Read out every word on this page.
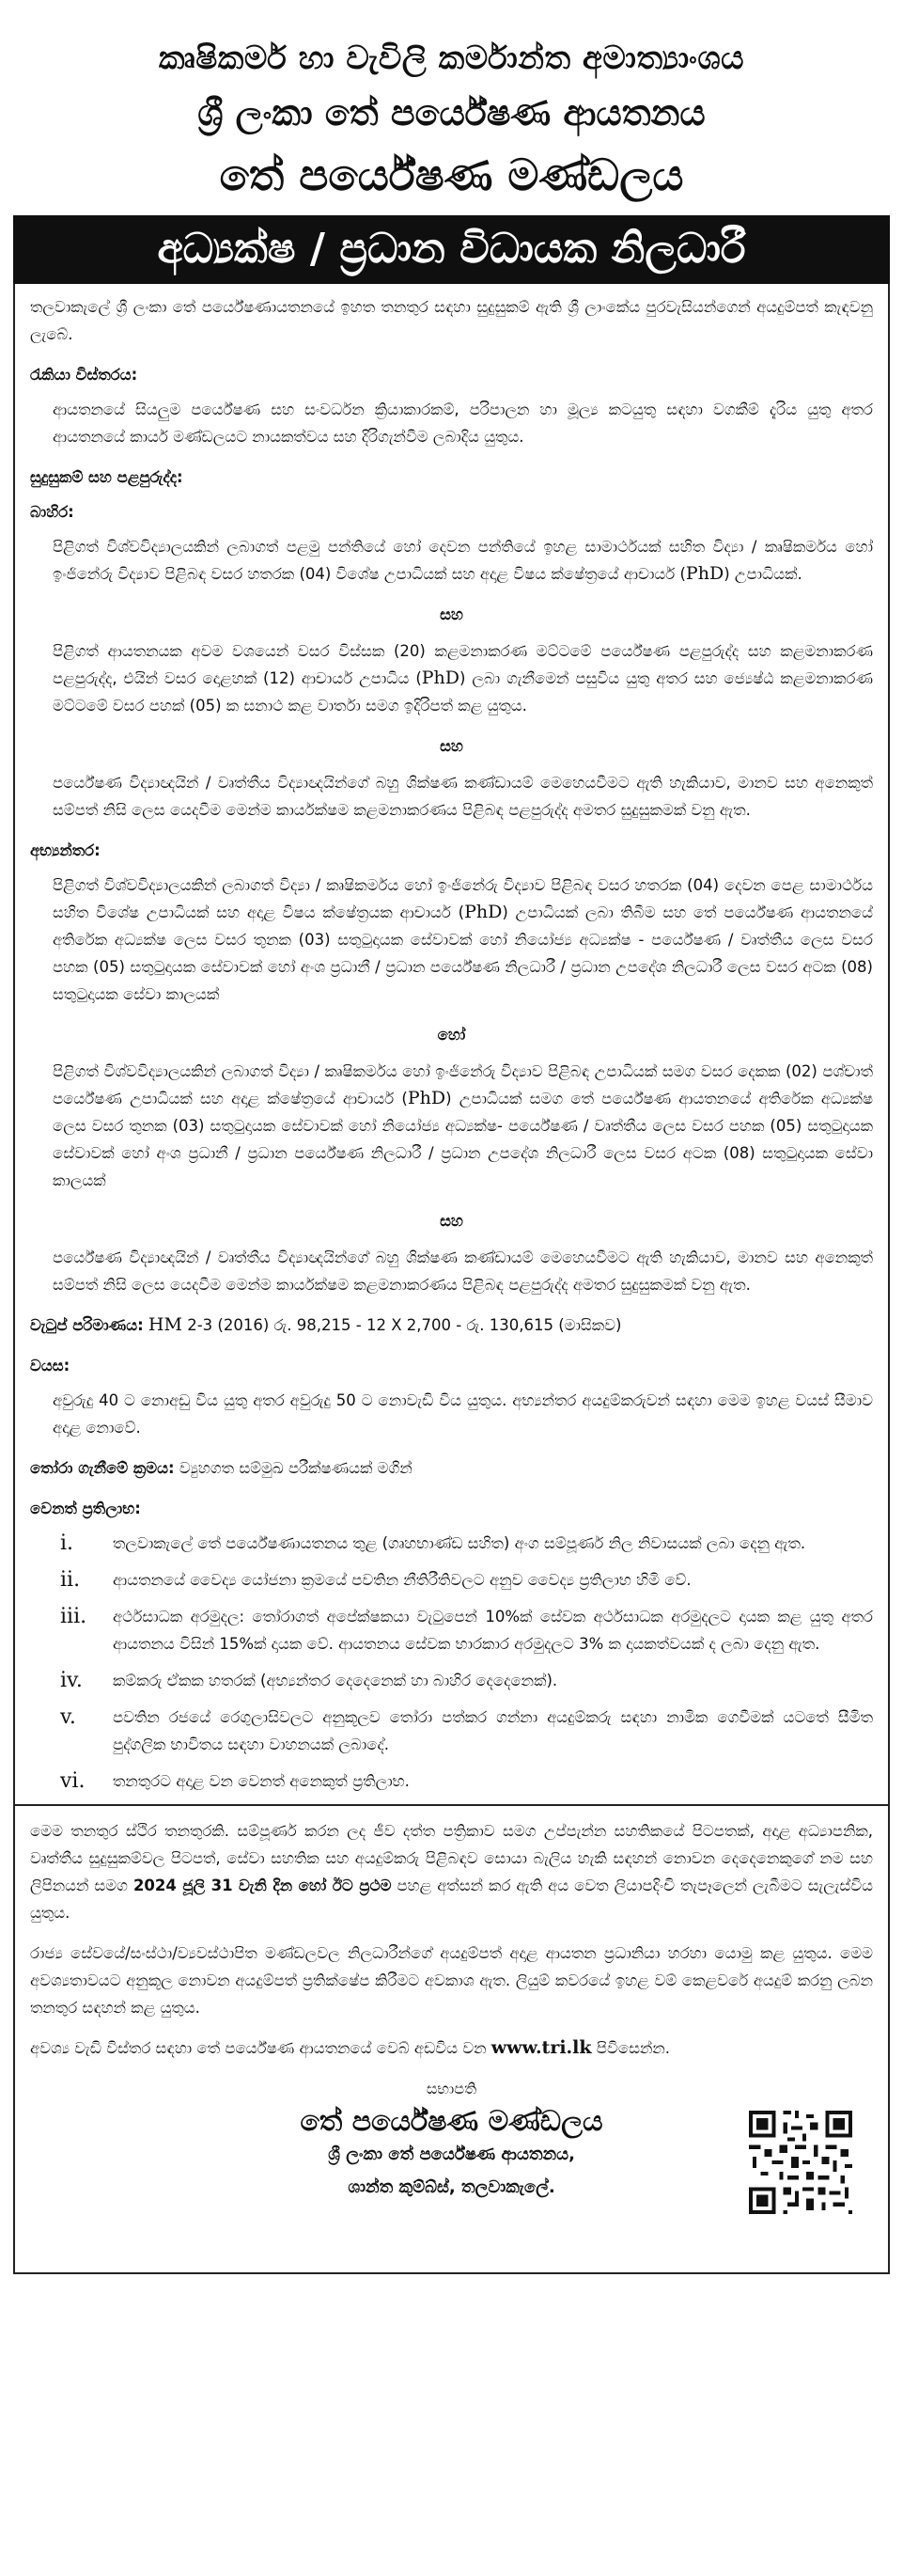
කෘෂිකර්ම හා වැවිලි කර්මාන්ත අමාත්‍යාංශය
ශ්‍රී ලංකා තේ පර්යේෂණ ආයතනය
තේ පර්යේෂණ මණ්ඩලය
අධ්‍යක්ෂ / ප්‍රධාන විධායක නිලධාරී

තලවාකැලේ ශ්‍රී ලංකා තේ පර්යේෂණායතනයේ ඉහත තනතුර සඳහා සුදුසුකම් ඇති ශ්‍රී ලාංකේය පුරවැසියන්ගෙන් අයදුම්පත් කැඳවනු ලැබේ.

රැකියා විස්තරය:

ආයතනයේ සියලුම පර්යේෂණ සහ සංවර්ධන ක්‍රියාකාරකම්, පරිපාලන හා මූල්‍ය කටයුතු සඳහා වගකීම් දැරිය යුතු අතර ආයතනයේ කාර්ය මණ්ඩලයට නායකත්වය සහ දිරිගැන්වීම ලබාදිය යුතුය.

සුදුසුකම් සහ පළපුරුද්ද:
බාහිර:

පිළිගත් විශ්වවිද්‍යාලයකින් ලබාගත් පළමු පන්තියේ හෝ දෙවන පන්තියේ ඉහළ සාමාර්ථයක් සහිත විද්‍යා / කෘෂිකර්මය හෝ ඉංජිනේරු විද්‍යාව පිළිබඳ වසර හතරක (04) විශේෂ උපාධියක් සහ අදාළ විෂය ක්ෂේත්‍රයේ ආචාර්ය (PhD) උපාධියක්.

සහ

පිළිගත් ආයතනයක අවම වශයෙන් වසර විස්සක (20) කළමනාකරණ මට්ටමේ පර්යේෂණ පළපුරුද්ද සහ කළමනාකරණ පළපුරුද්ද, එයින් වසර දොළහක් (12) ආචාර්ය උපාධිය (PhD) ලබා ගැනීමෙන් පසුවිය යුතු අතර සහ ජ්‍යෙෂ්ඨ කළමනාකරණ මට්ටමේ වසර පහක් (05) ක සනාථ කළ වාර්තා සමග ඉදිරිපත් කළ යුතුය.

සහ

පර්යේෂණ විද්‍යාඥයින් / වෘත්තීය විද්‍යාඥයින්ගේ බහු ශික්ෂණ කණ්ඩායම් මෙහෙයවීමට ඇති හැකියාව, මානව සහ අනෙකුත් සම්පත් නිසි ලෙස යෙදවීම මෙන්ම කාර්යක්ෂම කළමනාකරණය පිළිබඳ පළපුරුද්ද අමතර සුදුසුකමක් වනු ඇත.

අභ්‍යන්තර:

පිළිගත් විශ්වවිද්‍යාලයකින් ලබාගත් විද්‍යා / කෘෂිකර්මය හෝ ඉංජිනේරු විද්‍යාව පිළිබඳ වසර හතරක (04) දෙවන පෙළ සාමාර්ථය සහිත විශේෂ උපාධියක් සහ අදාළ විෂය ක්ෂේත්‍රයක ආචාර්ය (PhD) උපාධියක් ලබා තිබීම සහ තේ පර්යේෂණ ආයතනයේ අතිරේක අධ්‍යක්ෂ ලෙස වසර තුනක (03) සතුටුදායක සේවාවක් හෝ නියෝජ්‍ය අධ්‍යක්ෂ - පර්යේෂණ / වෘත්තීය ලෙස වසර පහක (05) සතුටුදායක සේවාවක් හෝ අංශ ප්‍රධානී / ප්‍රධාන පර්යේෂණ නිලධාරී / ප්‍රධාන උපදේශ නිලධාරී ලෙස වසර අටක (08) සතුටුදායක සේවා කාලයක්

හෝ

පිළිගත් විශ්වවිද්‍යාලයකින් ලබාගත් විද්‍යා / කෘෂිකර්මය හෝ ඉංජිනේරු විද්‍යාව පිළිබඳ උපාධියක් සමග වසර දෙකක (02) පශ්චාත් පර්යේෂණ උපාධියක් සහ අදාළ ක්ෂේත්‍රයේ ආචාර්ය (PhD) උපාධියක් සමග තේ පර්යේෂණ ආයතනයේ අතිරේක අධ්‍යක්ෂ ලෙස වසර තුනක (03) සතුටුදායක සේවාවක් හෝ නියෝජ්‍ය අධ්‍යක්ෂ- පර්යේෂණ / වෘත්තීය ලෙස වසර පහක (05) සතුටුදායක සේවාවක් හෝ අංශ ප්‍රධානී / ප්‍රධාන පර්යේෂණ නිලධාරී / ප්‍රධාන උපදේශ නිලධාරී ලෙස වසර අටක (08) සතුටුදායක සේවා කාලයක්

සහ

පර්යේෂණ විද්‍යාඥයින් / වෘත්තීය විද්‍යාඥයින්ගේ බහු ශික්ෂණ කණ්ඩායම් මෙහෙයවීමට ඇති හැකියාව, මානව සහ අනෙකුත් සම්පත් නිසි ලෙස යෙදවීම මෙන්ම කාර්යක්ෂම කළමනාකරණය පිළිබඳ පළපුරුද්ද අමතර සුදුසුකමක් වනු ඇත.

වැටුප් පරිමාණය: HM 2-3 (2016) රු. 98,215 - 12 X 2,700 - රු. 130,615 (මාසිකව)

වයස:

අවුරුදු 40 ට නොඅඩු විය යුතු අතර අවුරුදු 50 ට නොවැඩි විය යුතුය. අභ්‍යන්තර අයදුම්කරුවන් සඳහා මෙම ඉහළ වයස් සීමාව අදාළ නොවේ.

තෝරා ගැනීමේ ක්‍රමය: ව්‍යුහගත සම්මුඛ පරීක්ෂණයක් මගින්

වෙනත් ප්‍රතිලාභ:
i.	තලවාකැලේ තේ පර්යේෂණායතනය තුළ (ගෘහභාණ්ඩ සහිත) අංග සම්පූර්ණ නිල නිවාසයක් ලබා දෙනු ඇත.
ii.	ආයතනයේ වෛද්‍ය යෝජනා ක්‍රමයේ පවතින නීතිරීතිවලට අනුව වෛද්‍ය ප්‍රතිලාභ හිමි වේ.
iii.	අර්ථසාධක අරමුදල: තෝරාගත් අපේක්ෂකයා වැටුපෙන් 10%ක් සේවක අර්ථසාධක අරමුදලට දායක කළ යුතු අතර ආයතනය විසින් 15%ක් දායක වේ. ආයතනය සේවක භාරකාර අරමුදලට 3% ක දායකත්වයක් ද ලබා දෙනු ඇත.
iv.	කම්කරු ඒකක හතරක් (අභ්‍යන්තර දෙදෙනෙක් හා බාහිර දෙදෙනෙක්).
v.	පවතින රජයේ රෙගුලාසිවලට අනුකූලව තෝරා පත්කර ගන්නා අයදුම්කරු සඳහා නාමික ගෙවීමක් යටතේ සීමිත පුද්ගලික භාවිතය සඳහා වාහනයක් ලබාදේ.
vi.	තනතුරට අදාළ වන වෙනත් අනෙකුත් ප්‍රතිලාභ.

මෙම තනතුර ස්ථිර තනතුරකි. සම්පූර්ණ කරන ලද ජීව දත්ත පත්‍රිකාව සමග උප්පැන්න සහතිකයේ පිටපතක්, අදාළ අධ්‍යාපනික, වෘත්තීය සුදුසුකම්වල පිටපත්, සේවා සහතික සහ අයදුම්කරු පිළිබඳව සොයා බැලිය හැකි සඳහන් නොවන දෙදෙනෙකුගේ නම සහ ලිපිනයන් සමග 2024 ජූලි 31 වැනි දින හෝ ඊට ප්‍රථම පහළ අත්සන් කර ඇති අය වෙත ලියාපදිංචි තැපෑලෙන් ලැබීමට සැලැස්විය යුතුය.

රාජ්‍ය සේවයේ/සංස්ථා/ව්‍යවස්ථාපිත මණ්ඩලවල නිලධාරීන්ගේ අයදුම්පත් අදාළ ආයතන ප්‍රධානියා හරහා යොමු කළ යුතුය. මෙම අවශ්‍යතාවයට අනුකූල නොවන අයදුම්පත් ප්‍රතික්ෂේප කිරීමට අවකාශ ඇත. ලියුම් කවරයේ ඉහළ වම් කෙළවරේ අයදුම් කරනු ලබන තනතුර සඳහන් කළ යුතුය.

අවශ්‍ය වැඩි විස්තර සඳහා තේ පර්යේෂණ ආයතනයේ වෙබ් අඩවිය වන www.tri.lk පිවිසෙන්න.

සභාපති
තේ පර්යේෂණ මණ්ඩලය
ශ්‍රී ලංකා තේ පර්යේෂණ ආයතනය,
ශාන්ත කුම්බ්ස්, තලවාකැලේ.
